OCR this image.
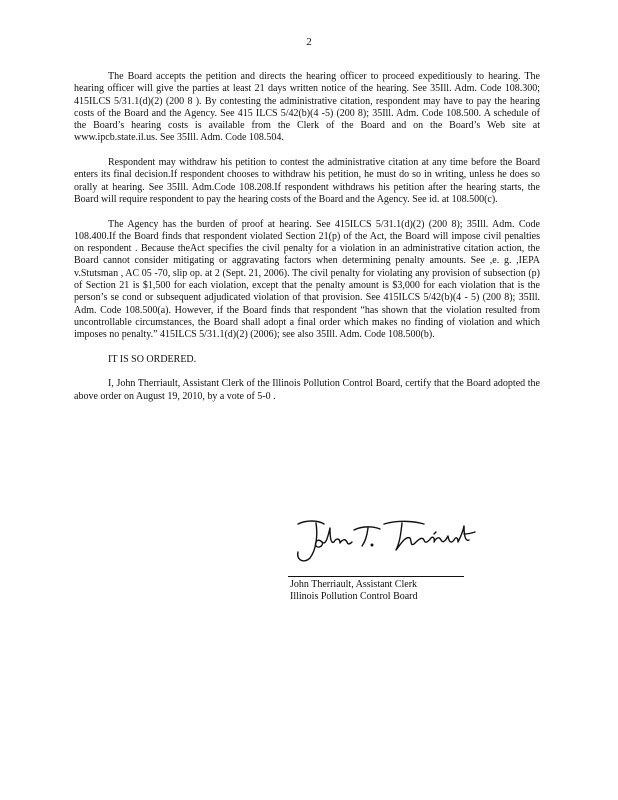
2

The Board accepts the petition and directs the hearing officer to proceed expeditiously to hearing. The hearing officer will give the parties at least 21 days written notice of the hearing. See 35Ill. Adm. Code 108.300; 415ILCS 5/31.1(d)(2) (200 8 ). By contesting the administrative citation, respondent may have to pay the hearing costs of the Board and the Agency. See 415 ILCS 5/42(b)(4 -5) (200 8); 35Ill. Adm. Code 108.500. A schedule of the Board’s hearing costs is available from the Clerk of the Board and on the Board’s Web site at www.ipcb.state.il.us. See 35Ill. Adm. Code 108.504.

Respondent may withdraw his petition to contest the administrative citation at any time before the Board enters its final decision.If respondent chooses to withdraw his petition, he must do so in writing, unless he does so orally at hearing. See 35Ill. Adm.Code 108.208.If respondent withdraws his petition after the hearing starts, the Board will require respondent to pay the hearing costs of the Board and the Agency. See id. at 108.500(c).

The Agency has the burden of proof at hearing. See 415ILCS 5/31.1(d)(2) (200 8); 35Ill. Adm. Code 108.400.If the Board finds that respondent violated Section 21(p) of the Act, the Board will impose civil penalties on respondent . Because theAct specifies the civil penalty for a violation in an administrative citation action, the Board cannot consider mitigating or aggravating factors when determining penalty amounts. See ,e. g. ,IEPA v.Stutsman , AC 05 -70, slip op. at 2 (Sept. 21, 2006). The civil penalty for violating any provision of subsection (p) of Section 21 is $1,500 for each violation, except that the penalty amount is $3,000 for each violation that is the person’s se cond or subsequent adjudicated violation of that provision. See 415ILCS 5/42(b)(4 - 5) (200 8); 35Ill. Adm. Code 108.500(a). However, if the Board finds that respondent “has shown that the violation resulted from uncontrollable circumstances, the Board shall adopt a final order which makes no finding of violation and which imposes no penalty.” 415ILCS 5/31.1(d)(2) (2006); see also 35Ill. Adm. Code 108.500(b).

IT IS SO ORDERED.

I, John Therriault, Assistant Clerk of the Illinois Pollution Control Board, certify that the Board adopted the above order on August 19, 2010, by a vote of 5-0 .

John Therriault, Assistant Clerk
Illinois Pollution Control Board
